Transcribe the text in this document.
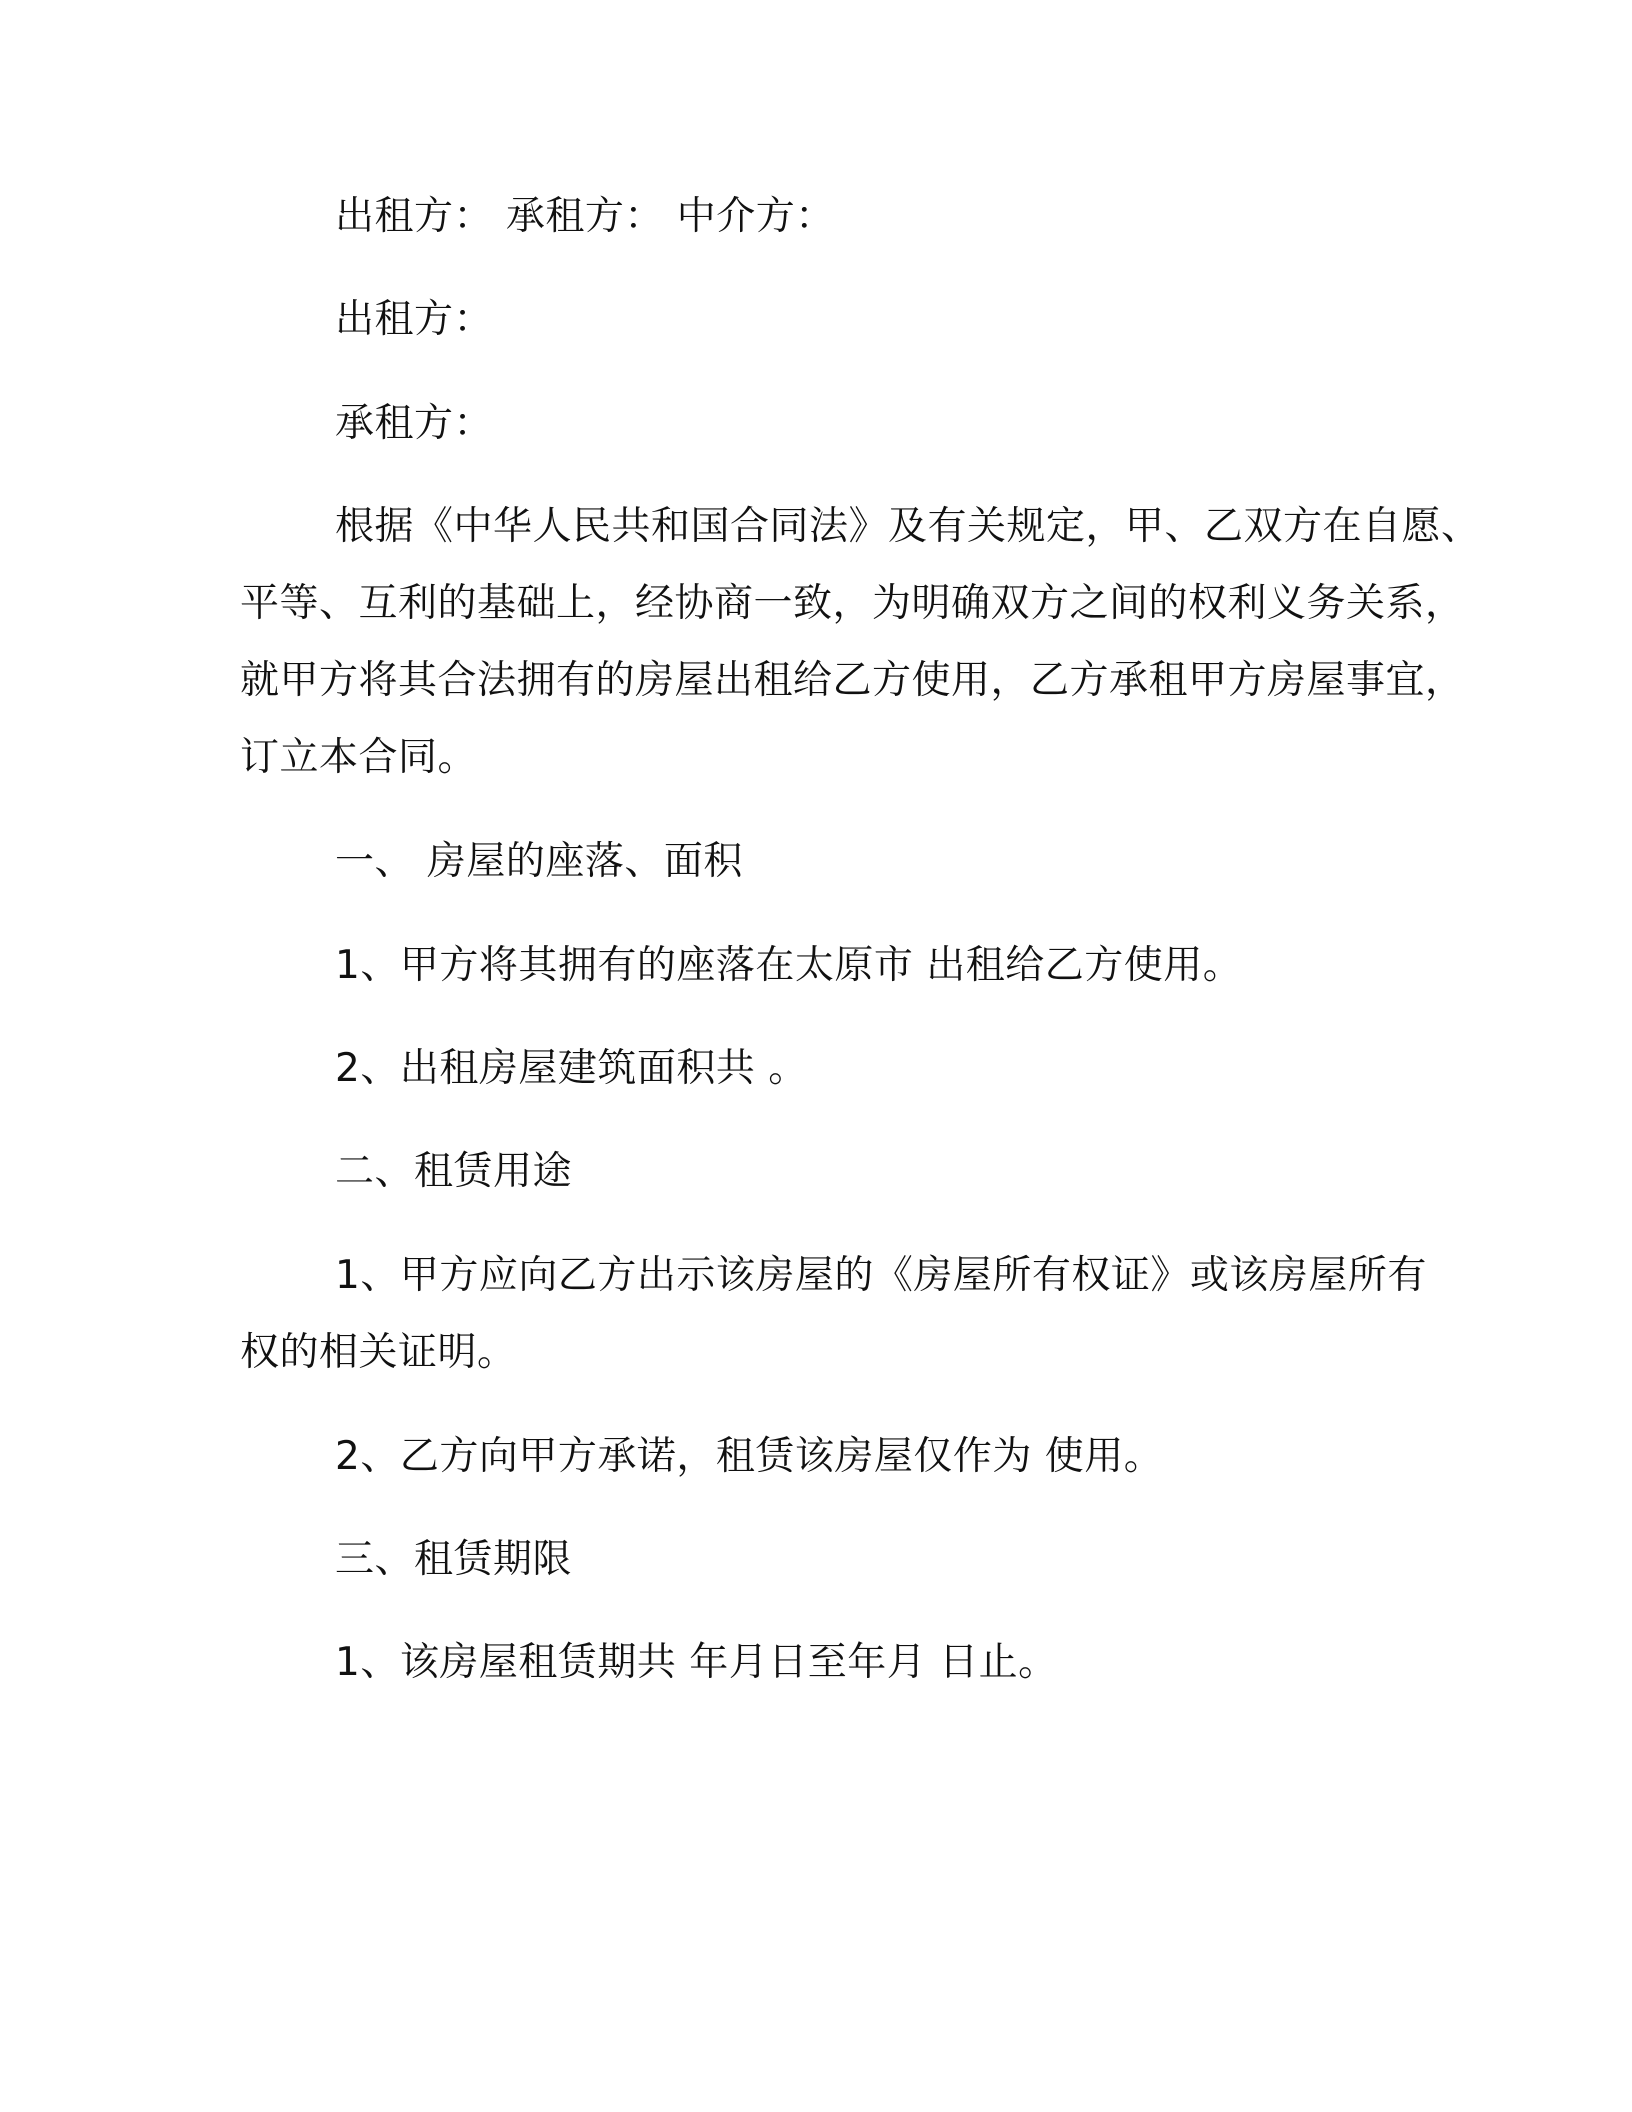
出租方： 承租方： 中介方：
出租方：
承租方：
根据《中华人民共和国合同法》及有关规定，甲、乙双方在自愿、
平等、互利的基础上，经协商一致，为明确双方之间的权利义务关系，
就甲方将其合法拥有的房屋出租给乙方使用，乙方承租甲方房屋事宜，
订立本合同。
一、 房屋的座落、面积
1、甲方将其拥有的座落在太原市 出租给乙方使用。
2、出租房屋建筑面积共 。
二、租赁用途
1、甲方应向乙方出示该房屋的《房屋所有权证》或该房屋所有
权的相关证明。
2、乙方向甲方承诺，租赁该房屋仅作为 使用。
三、租赁期限
1、该房屋租赁期共 年月日至年月 日止。
